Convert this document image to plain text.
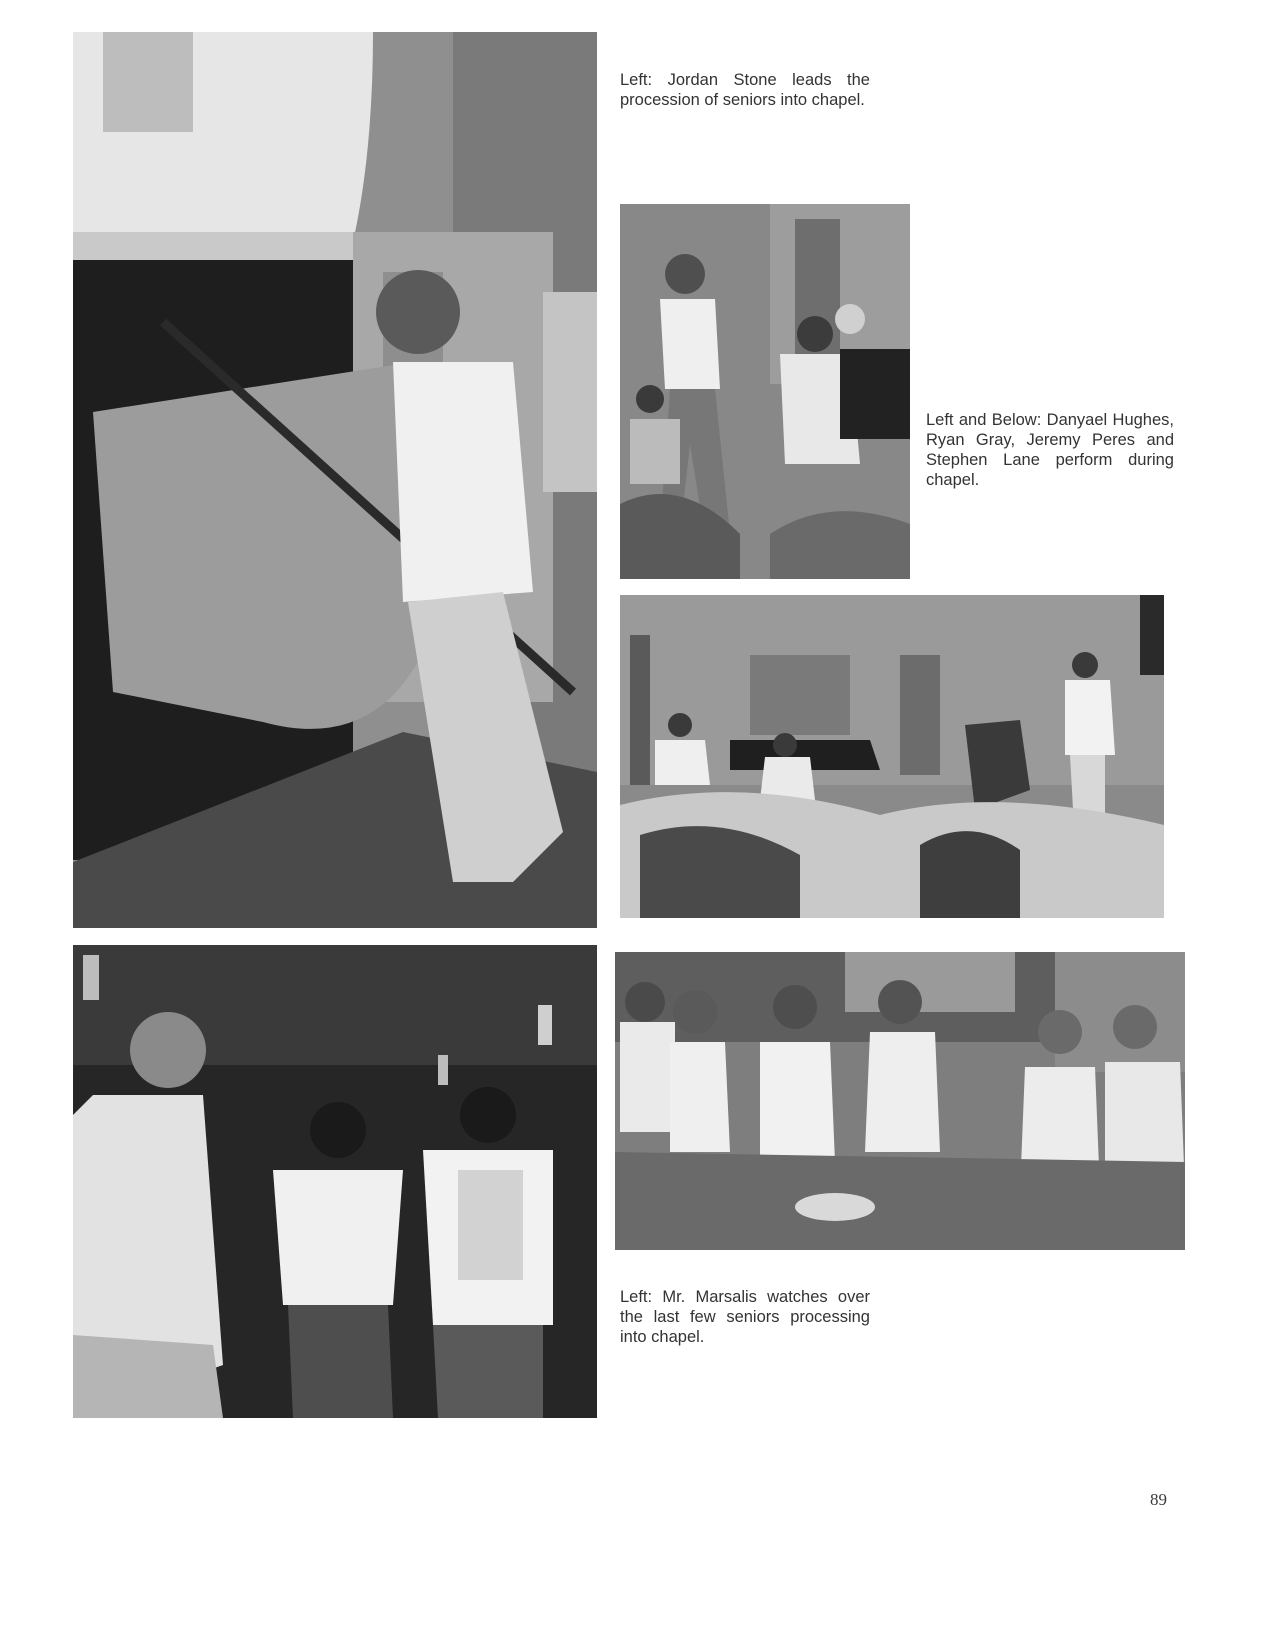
Left: Jordan Stone leads the procession of seniors into chapel.

Left and Below: Danyael Hughes, Ryan Gray, Jeremy Peres and Stephen Lane perform during chapel.

Left: Mr. Marsalis watches over the last few seniors processing into chapel.

89
